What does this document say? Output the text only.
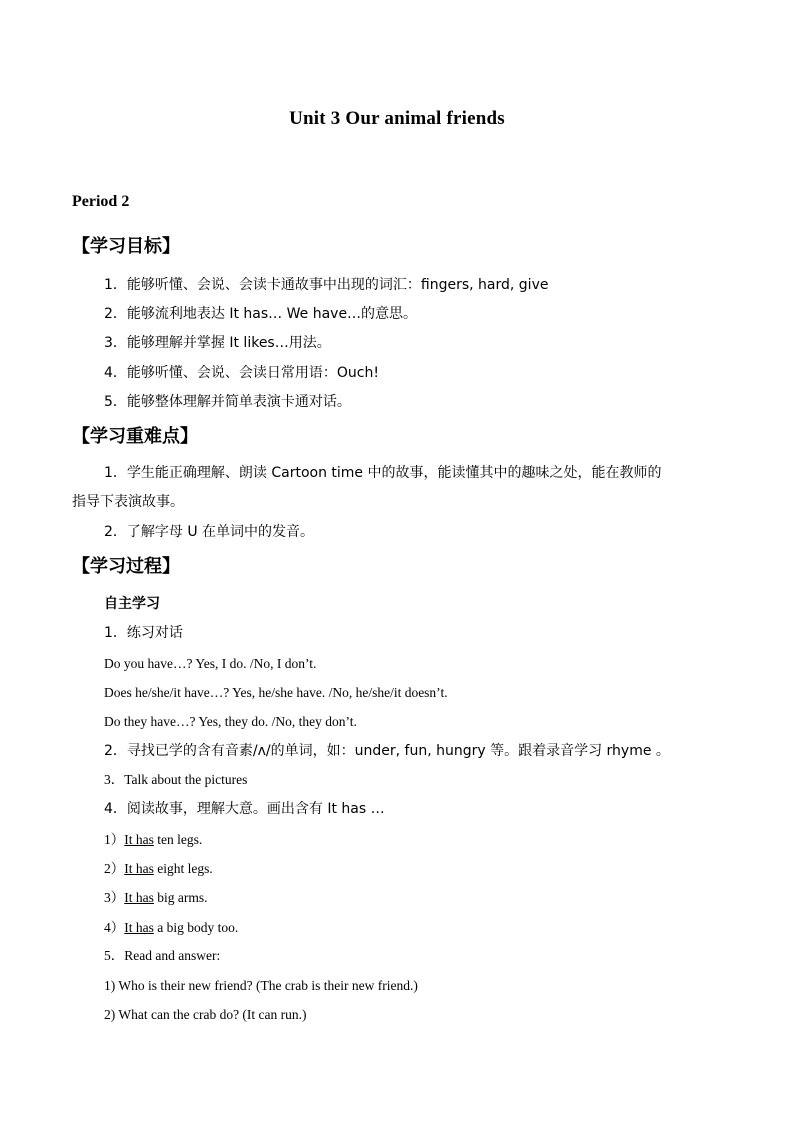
Unit 3 Our animal friends
Period 2
【学习目标】
1．能够听懂、会说、会读卡通故事中出现的词汇：fingers, hard, give
2．能够流利地表达 It has… We have…的意思。
3．能够理解并掌握 It likes…用法。
4．能够听懂、会说、会读日常用语：Ouch!
5．能够整体理解并简单表演卡通对话。
【学习重难点】
1．学生能正确理解、朗读 Cartoon time 中的故事，能读懂其中的趣味之处，能在教师的
指导下表演故事。
2．了解字母 U 在单词中的发音。
【学习过程】
自主学习
1．练习对话
Do you have…? Yes, I do. /No, I don’t.
Does he/she/it have…? Yes, he/she have. /No, he/she/it doesn’t.
Do they have…? Yes, they do. /No, they don’t.
2．寻找已学的含有音素/ʌ/的单词，如：under, fun, hungry 等。跟着录音学习 rhyme 。
3．Talk about the pictures
4．阅读故事，理解大意。画出含有 It has …
1）It has ten legs.
2）It has eight legs.
3）It has big arms.
4）It has a big body too.
5．Read and answer:
1) Who is their new friend? (The crab is their new friend.)
2) What can the crab do? (It can run.)
